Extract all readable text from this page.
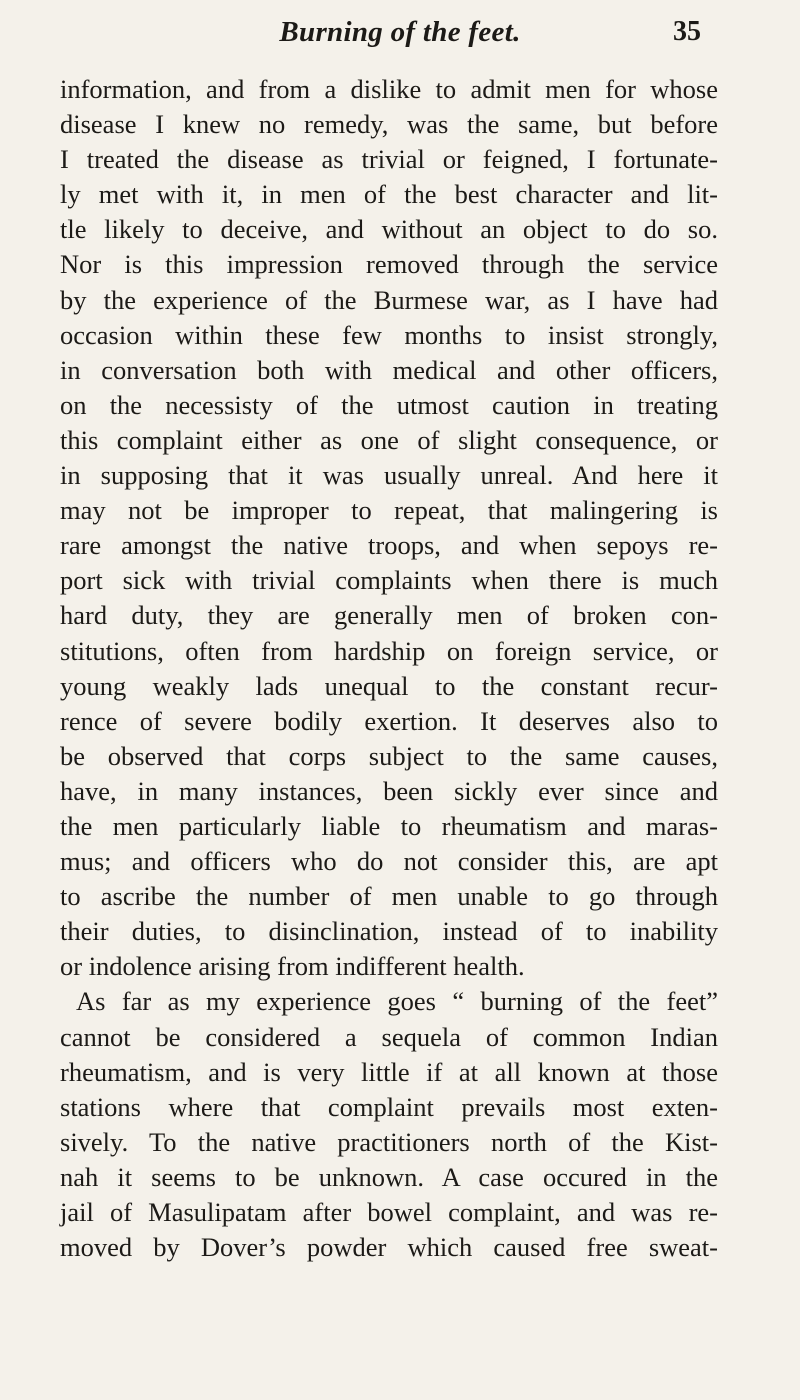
Burning of the feet.	35
information, and from a dislike to admit men for whose
disease I knew no remedy, was the same, but before
I treated the disease as trivial or feigned, I fortunate-
ly met with it, in men of the best character and lit-
tle likely to deceive, and without an object to do so.
Nor is this impression removed through the service
by the experience of the Burmese war, as I have had
occasion within these few months to insist strongly,
in conversation both with medical and other officers,
on the necessisty of the utmost caution in treating
this complaint either as one of slight consequence, or
in supposing that it was usually unreal. And here it
may not be improper to repeat, that malingering is
rare amongst the native troops, and when sepoys re-
port sick with trivial complaints when there is much
hard duty, they are generally men of broken con-
stitutions, often from hardship on foreign service, or
young weakly lads unequal to the constant recur-
rence of severe bodily exertion. It deserves also to
be observed that corps subject to the same causes,
have, in many instances, been sickly ever since and
the men particularly liable to rheumatism and maras-
mus; and officers who do not consider this, are apt
to ascribe the number of men unable to go through
their duties, to disinclination, instead of to inability
or indolence arising from indifferent health.
As far as my experience goes “ burning of the feet”
cannot be considered a sequela of common Indian
rheumatism, and is very little if at all known at those
stations where that complaint prevails most exten-
sively. To the native practitioners north of the Kist-
nah it seems to be unknown. A case occured in the
jail of Masulipatam after bowel complaint, and was re-
moved by Dover’s powder which caused free sweat-
